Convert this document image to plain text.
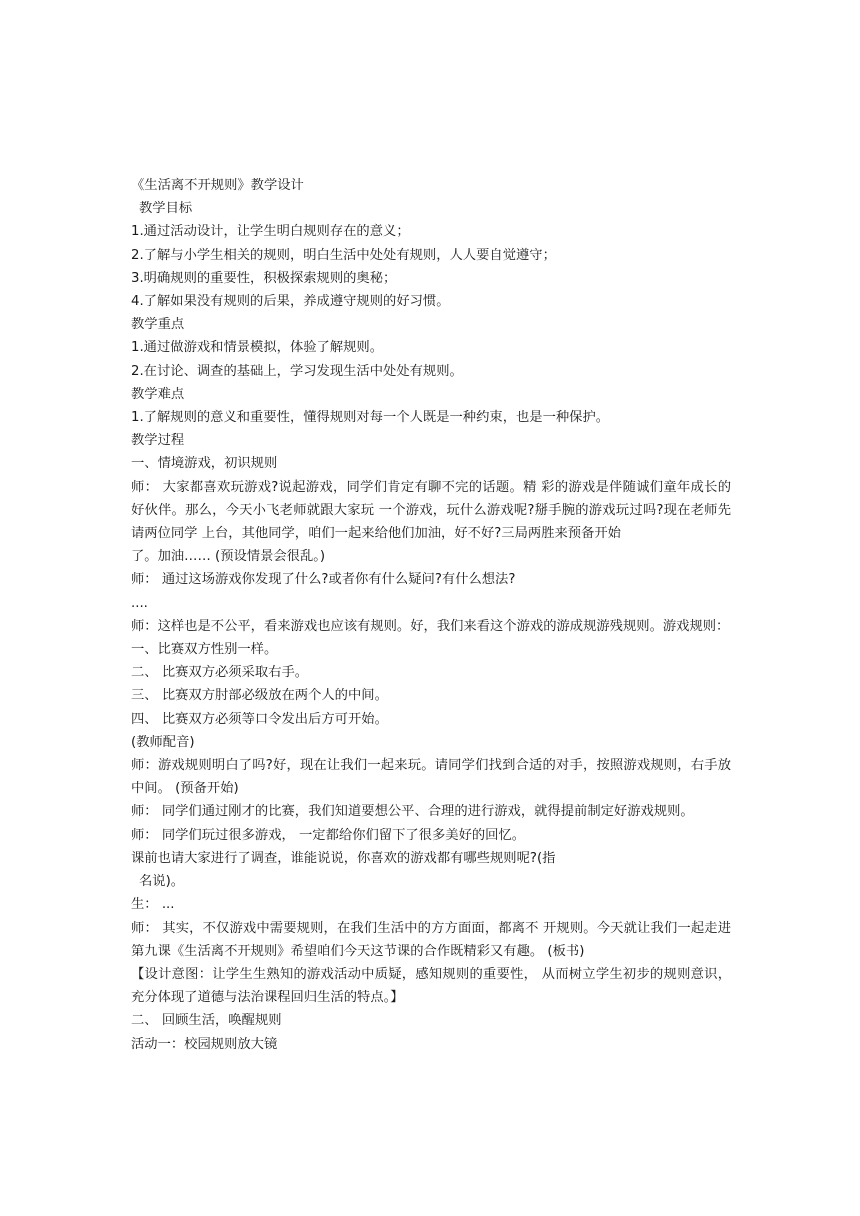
《生活离不开规则》教学设计
教学目标
1.通过活动设计，让学生明白规则存在的意义；
2.了解与小学生相关的规则，明白生活中处处有规则，人人要自觉遵守；
3.明确规则的重要性，积极探索规则的奥秘；
4.了解如果没有规则的后果，养成遵守规则的好习惯。
教学重点
1.通过做游戏和情景模拟，体验了解规则。
2.在讨论、调查的基础上，学习发现生活中处处有规则。
教学难点
1.了解规则的意义和重要性，懂得规则对每一个人既是一种约束，也是一种保护。
教学过程
一、情境游戏，初识规则
师： 大家都喜欢玩游戏?说起游戏，同学们肯定有聊不完的话题。精 彩的游戏是伴随诚们童年成长的好伙伴。那么，今天小飞老师就跟大家玩 一个游戏，玩什么游戏呢?掰手腕的游戏玩过吗?现在老师先请两位同学 上台，其他同学，咱们一起来给他们加油，好不好?三局两胜来预备开始
了。加油…… (预设情景会很乱。)
师： 通过这场游戏你发现了什么?或者你有什么疑问?有什么想法?
....
师：这样也是不公平，看来游戏也应该有规则。好，我们来看这个游戏的游成规游残规则。游戏规则：
一、比赛双方性别一样。
二、 比赛双方必须采取右手。
三、 比赛双方肘部必级放在两个人的中间。
四、 比赛双方必须等口令发出后方可开始。
(教师配音)
师：游戏规则明白了吗?好，现在让我们一起来玩。请同学们找到合适的对手，按照游戏规则，右手放中间。 (预备开始)
师： 同学们通过刚才的比赛，我们知道要想公平、合理的进行游戏，就得提前制定好游戏规则。
师： 同学们玩过很多游戏， 一定都给你们留下了很多美好的回忆。
课前也请大家进行了调查，谁能说说，你喜欢的游戏都有哪些规则呢?(指
名说)。
生： ...
师： 其实，不仅游戏中需要规则，在我们生活中的方方面面，都离不 开规则。今天就让我们一起走进第九课《生活离不开规则》希望咱们今天这节课的合作既精彩又有趣。 (板书)
【设计意图：让学生生熟知的游戏活动中质疑，感知规则的重要性， 从而树立学生初步的规则意识，充分体现了道德与法治课程回归生活的特点。】
二、 回顾生活，唤醒规则
活动一：校园规则放大镜
